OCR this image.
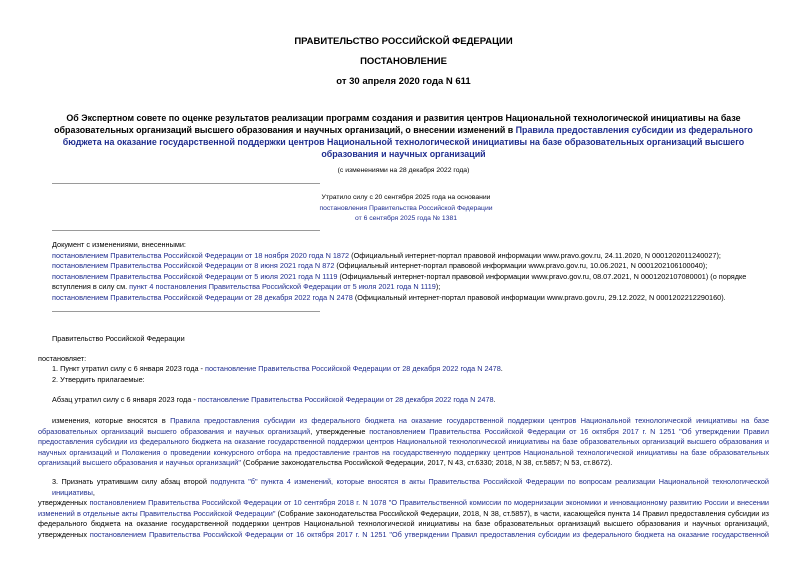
ПРАВИТЕЛЬСТВО РОССИЙСКОЙ ФЕДЕРАЦИИ
ПОСТАНОВЛЕНИЕ
от 30 апреля 2020 года N 611
Об Экспертном совете по оценке результатов реализации программ создания и развития центров Национальной технологической инициативы на базе
образовательных организаций высшего образования и научных организаций, о внесении изменений в Правила предоставления субсидии из федерального
бюджета на оказание государственной поддержки центров Национальной технологической инициативы на базе образовательных организаций высшего
образования и научных организаций
(с изменениями на 28 декабря 2022 года)
Утратило силу с 20 сентября 2025 года на основании
постановления Правительства Российской Федерации
от 6 сентября 2025 года № 1381
Документ с изменениями, внесенными:
постановлением Правительства Российской Федерации от 18 ноября 2020 года N 1872 (Официальный интернет-портал правовой информации www.pravo.gov.ru, 24.11.2020, N 0001202011240027);
постановлением Правительства Российской Федерации от 8 июня 2021 года N 872 (Официальный интернет-портал правовой информации www.pravo.gov.ru, 10.06.2021, N 0001202106100040);
постановлением Правительства Российской Федерации от 5 июля 2021 года N 1119 (Официальный интернет-портал правовой информации www.pravo.gov.ru, 08.07.2021, N 0001202107080001) (о порядке
вступления в силу см. пункт 4 постановления Правительства Российской Федерации от 5 июля 2021 года N 1119);
постановлением Правительства Российской Федерации от 28 декабря 2022 года N 2478 (Официальный интернет-портал правовой информации www.pravo.gov.ru, 29.12.2022, N 0001202212290160).
Правительство Российской Федерации
постановляет:
1. Пункт утратил силу с 6 января 2023 года - постановление Правительства Российской Федерации от 28 декабря 2022 года N 2478.
2. Утвердить прилагаемые:
Абзац утратил силу с 6 января 2023 года - постановление Правительства Российской Федерации от 28 декабря 2022 года N 2478.
изменения, которые вносятся в Правила предоставления субсидии из федерального бюджета на оказание государственной поддержки центров Национальной технологической инициативы на базе
образовательных организаций высшего образования и научных организаций, утвержденные постановлением Правительства Российской Федерации от 16 октября 2017 г. N 1251 "Об утверждении Правил
предоставления субсидии из федерального бюджета на оказание государственной поддержки центров Национальной технологической инициативы на базе образовательных организаций высшего образования и
научных организаций и Положения о проведении конкурсного отбора на предоставление грантов на государственную поддержку центров Национальной технологической инициативы на базе образовательных
организаций высшего образования и научных организаций" (Собрание законодательства Российской Федерации, 2017, N 43, ст.6330; 2018, N 38, ст.5857; N 53, ст.8672).
3. Признать утратившим силу абзац второй подпункта "б" пункта 4 изменений, которые вносятся в акты Правительства Российской Федерации по вопросам реализации Национальной технологической инициативы,
утвержденных постановлением Правительства Российской Федерации от 10 сентября 2018 г. N 1078 "О Правительственной комиссии по модернизации экономики и инновационному развитию России и внесении
изменений в отдельные акты Правительства Российской Федерации" (Собрание законодательства Российской Федерации, 2018, N 38, ст.5857), в части, касающейся пункта 14 Правил предоставления субсидии из
федерального бюджета на оказание государственной поддержки центров Национальной технологической инициативы на базе образовательных организаций высшего образования и научных организаций,
утвержденных постановлением Правительства Российской Федерации от 16 октября 2017 г. N 1251 "Об утверждении Правил предоставления субсидии из федерального бюджета на оказание государственной
